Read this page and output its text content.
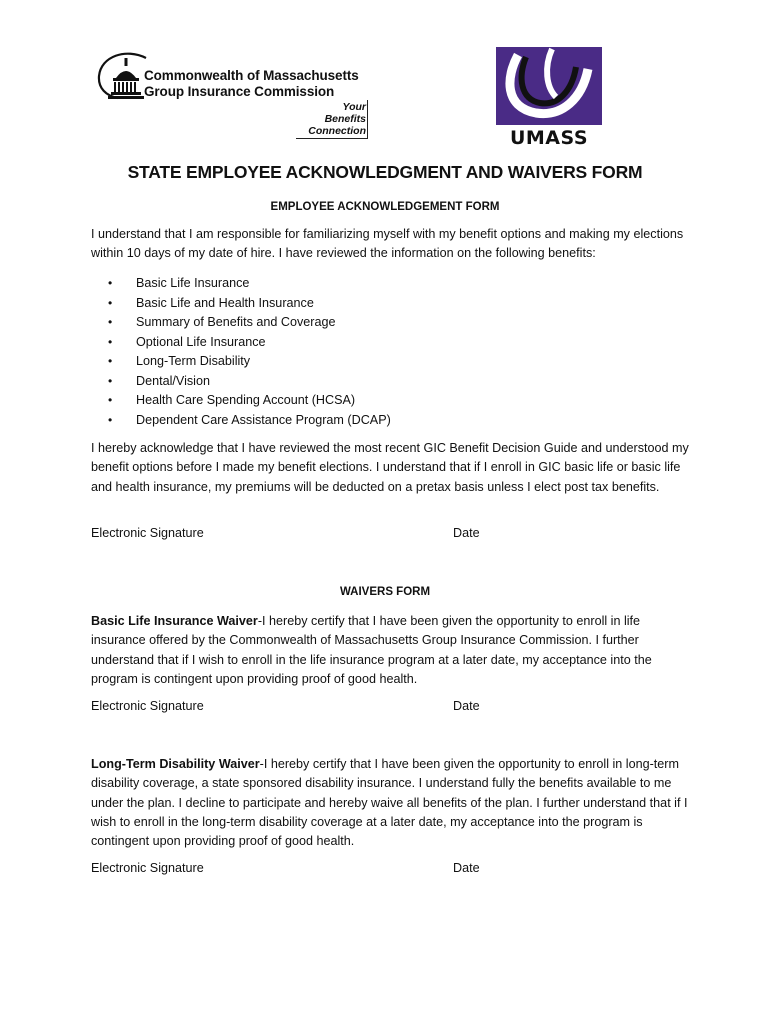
Commonwealth of Massachusetts
Group Insurance Commission
Your
Benefits
Connection	UMASS
STATE EMPLOYEE ACKNOWLEDGMENT AND WAIVERS FORM
EMPLOYEE ACKNOWLEDGEMENT FORM
I understand that I am responsible for familiarizing myself with my benefit options and making my elections within 10 days of my date of hire. I have reviewed the information on the following benefits:
• Basic Life Insurance
• Basic Life and Health Insurance
• Summary of Benefits and Coverage
• Optional Life Insurance
• Long-Term Disability
• Dental/Vision
• Health Care Spending Account (HCSA)
• Dependent Care Assistance Program (DCAP)
I hereby acknowledge that I have reviewed the most recent GIC Benefit Decision Guide and understood my benefit options before I made my benefit elections. I understand that if I enroll in GIC basic life or basic life and health insurance, my premiums will be deducted on a pretax basis unless I elect post tax benefits.
Electronic Signature	Date
WAIVERS FORM
Basic Life Insurance Waiver-I hereby certify that I have been given the opportunity to enroll in life insurance offered by the Commonwealth of Massachusetts Group Insurance Commission. I further understand that if I wish to enroll in the life insurance program at a later date, my acceptance into the program is contingent upon providing proof of good health.
Electronic Signature	Date
Long-Term Disability Waiver-I hereby certify that I have been given the opportunity to enroll in long-term disability coverage, a state sponsored disability insurance. I understand fully the benefits available to me under the plan. I decline to participate and hereby waive all benefits of the plan. I further understand that if I wish to enroll in the long-term disability coverage at a later date, my acceptance into the program is contingent upon providing proof of good health.
Electronic Signature	Date
